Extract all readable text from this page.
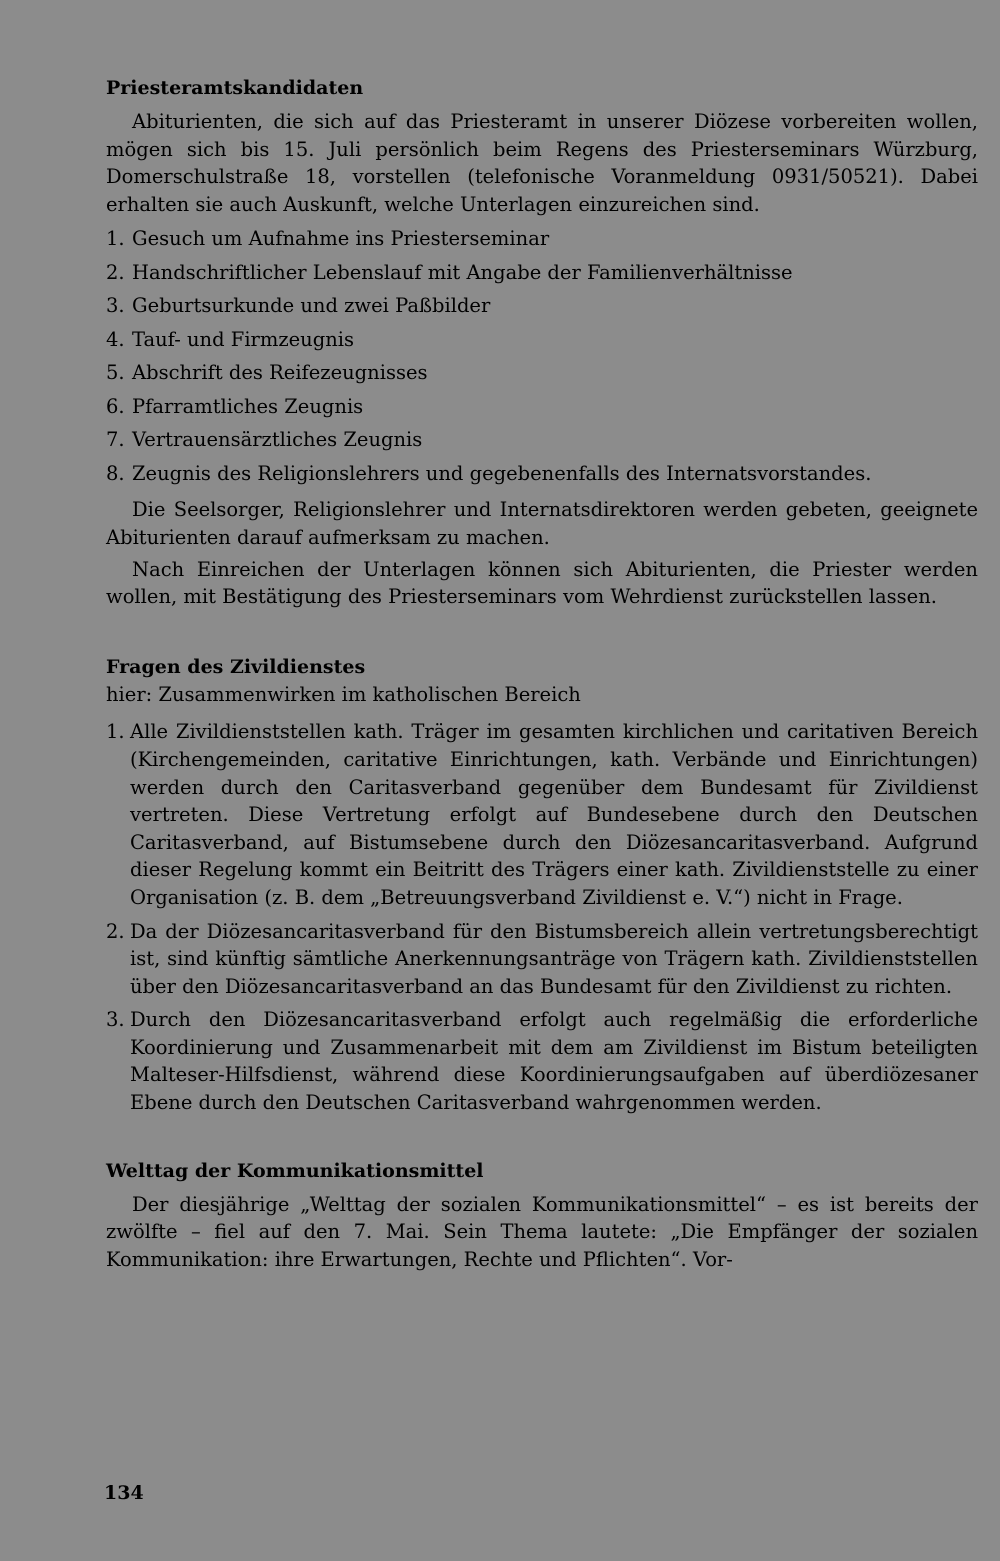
Priesteramtskandidaten

Abiturienten, die sich auf das Priesteramt in unserer Diözese vorbereiten wollen, mögen sich bis 15. Juli persönlich beim Regens des Priesterseminars Würzburg, Domerschulstraße 18, vorstellen (telefonische Voranmeldung 0931/50521). Dabei erhalten sie auch Auskunft, welche Unterlagen einzureichen sind.

1. Gesuch um Aufnahme ins Priesterseminar
2. Handschriftlicher Lebenslauf mit Angabe der Familienverhältnisse
3. Geburtsurkunde und zwei Paßbilder
4. Tauf- und Firmzeugnis
5. Abschrift des Reifezeugnisses
6. Pfarramtliches Zeugnis
7. Vertrauensärztliches Zeugnis
8. Zeugnis des Religionslehrers und gegebenenfalls des Internatsvorstandes.

Die Seelsorger, Religionslehrer und Internatsdirektoren werden gebeten, geeignete Abiturienten darauf aufmerksam zu machen.

Nach Einreichen der Unterlagen können sich Abiturienten, die Priester werden wollen, mit Bestätigung des Priesterseminars vom Wehrdienst zurückstellen lassen.

Fragen des Zivildienstes

hier: Zusammenwirken im katholischen Bereich

1. Alle Zivildienststellen kath. Träger im gesamten kirchlichen und caritativen Bereich (Kirchengemeinden, caritative Einrichtungen, kath. Verbände und Einrichtungen) werden durch den Caritasverband gegenüber dem Bundesamt für Zivildienst vertreten. Diese Vertretung erfolgt auf Bundesebene durch den Deutschen Caritasverband, auf Bistumsebene durch den Diözesancaritasverband. Aufgrund dieser Regelung kommt ein Beitritt des Trägers einer kath. Zivildienststelle zu einer Organisation (z. B. dem „Betreuungsverband Zivildienst e. V.“) nicht in Frage.
2. Da der Diözesancaritasverband für den Bistumsbereich allein vertretungsberechtigt ist, sind künftig sämtliche Anerkennungsanträge von Trägern kath. Zivildienststellen über den Diözesancaritasverband an das Bundesamt für den Zivildienst zu richten.
3. Durch den Diözesancaritasverband erfolgt auch regelmäßig die erforderliche Koordinierung und Zusammenarbeit mit dem am Zivildienst im Bistum beteiligten Malteser-Hilfsdienst, während diese Koordinierungsaufgaben auf überdiözesaner Ebene durch den Deutschen Caritasverband wahrgenommen werden.
Welttag der Kommunikationsmittel

Der diesjährige „Welttag der sozialen Kommunikationsmittel“ – es ist bereits der zwölfte – fiel auf den 7. Mai. Sein Thema lautete: „Die Empfänger der sozialen Kommunikation: ihre Erwartungen, Rechte und Pflichten“. Vor-

134
